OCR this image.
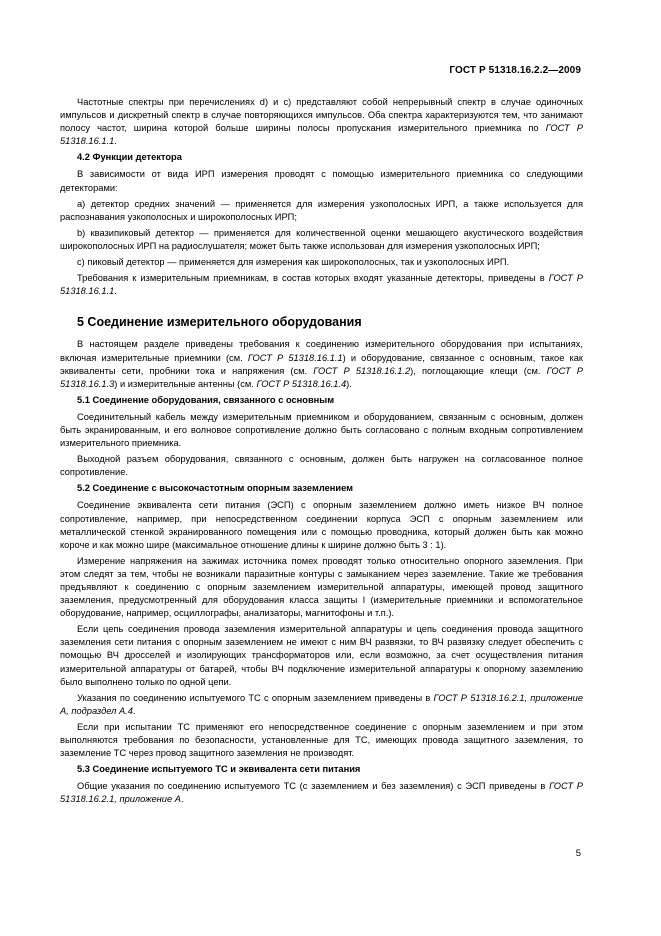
ГОСТ Р 51318.16.2.2—2009

Частотные спектры при перечислениях d) и с) представляют собой непрерывный спектр в случае одиночных импульсов и дискретный спектр в случае повторяющихся импульсов. Оба спектра характеризуются тем, что занимают полосу частот, ширина которой больше ширины полосы пропускания измерительного приемника по ГОСТ Р 51318.16.1.1.

4.2 Функции детектора

В зависимости от вида ИРП измерения проводят с помощью измерительного приемника со следующими детекторами:

а) детектор средних значений — применяется для измерения узкополосных ИРП, а также используется для распознавания узкополосных и широкополосных ИРП;

b) квазипиковый детектор — применяется для количественной оценки мешающего акустического воздействия широкополосных ИРП на радиослушателя; может быть также использован для измерения узкополосных ИРП;

с) пиковый детектор — применяется для измерения как широкополосных, так и узкополосных ИРП.

Требования к измерительным приемникам, в состав которых входят указанные детекторы, приведены в ГОСТ Р 51318.16.1.1.

5 Соединение измерительного оборудования

В настоящем разделе приведены требования к соединению измерительного оборудования при испытаниях, включая измерительные приемники (см. ГОСТ Р 51318.16.1.1) и оборудование, связанное с основным, такое как эквиваленты сети, пробники тока и напряжения (см. ГОСТ Р 51318.16.1.2), поглощающие клещи (см. ГОСТ Р 51318.16.1.3) и измерительные антенны (см. ГОСТ Р 51318.16.1.4).

5.1 Соединение оборудования, связанного с основным

Соединительный кабель между измерительным приемником и оборудованием, связанным с основным, должен быть экранированным, и его волновое сопротивление должно быть согласовано с полным входным сопротивлением измерительного приемника.

Выходной разъем оборудования, связанного с основным, должен быть нагружен на согласованное полное сопротивление.

5.2 Соединение с высокочастотным опорным заземлением

Соединение эквивалента сети питания (ЭСП) с опорным заземлением должно иметь низкое ВЧ полное сопротивление, например, при непосредственном соединении корпуса ЭСП с опорным заземлением или металлической стенкой экранированного помещения или с помощью проводника, который должен быть как можно короче и как можно шире (максимальное отношение длины к ширине должно быть 3 : 1).

Измерение напряжения на зажимах источника помех проводят только относительно опорного заземления. При этом следят за тем, чтобы не возникали паразитные контуры с замыканием через заземление. Такие же требования предъявляют к соединению с опорным заземлением измерительной аппаратуры, имеющей провод защитного заземления, предусмотренный для оборудования класса защиты I (измерительные приемники и вспомогательное оборудование, например, осциллографы, анализаторы, магнитофоны и т.п.).

Если цепь соединения провода заземления измерительной аппаратуры и цепь соединения провода защитного заземления сети питания с опорным заземлением не имеют с ним ВЧ развязки, то ВЧ развязку следует обеспечить с помощью ВЧ дросселей и изолирующих трансформаторов или, если возможно, за счет осуществления питания измерительной аппаратуры от батарей, чтобы ВЧ подключение измерительной аппаратуры к опорному заземлению было выполнено только по одной цепи.

Указания по соединению испытуемого ТС с опорным заземлением приведены в ГОСТ Р 51318.16.2.1, приложение А, подраздел А.4.

Если при испытании ТС применяют его непосредственное соединение с опорным заземлением и при этом выполняются требования по безопасности, установленные для ТС, имеющих провода защитного заземления, то заземление ТС через провод защитного заземления не производят.

5.3 Соединение испытуемого ТС и эквивалента сети питания

Общие указания по соединению испытуемого ТС (с заземлением и без заземления) с ЭСП приведены в ГОСТ Р 51318.16.2.1, приложение А.

5
